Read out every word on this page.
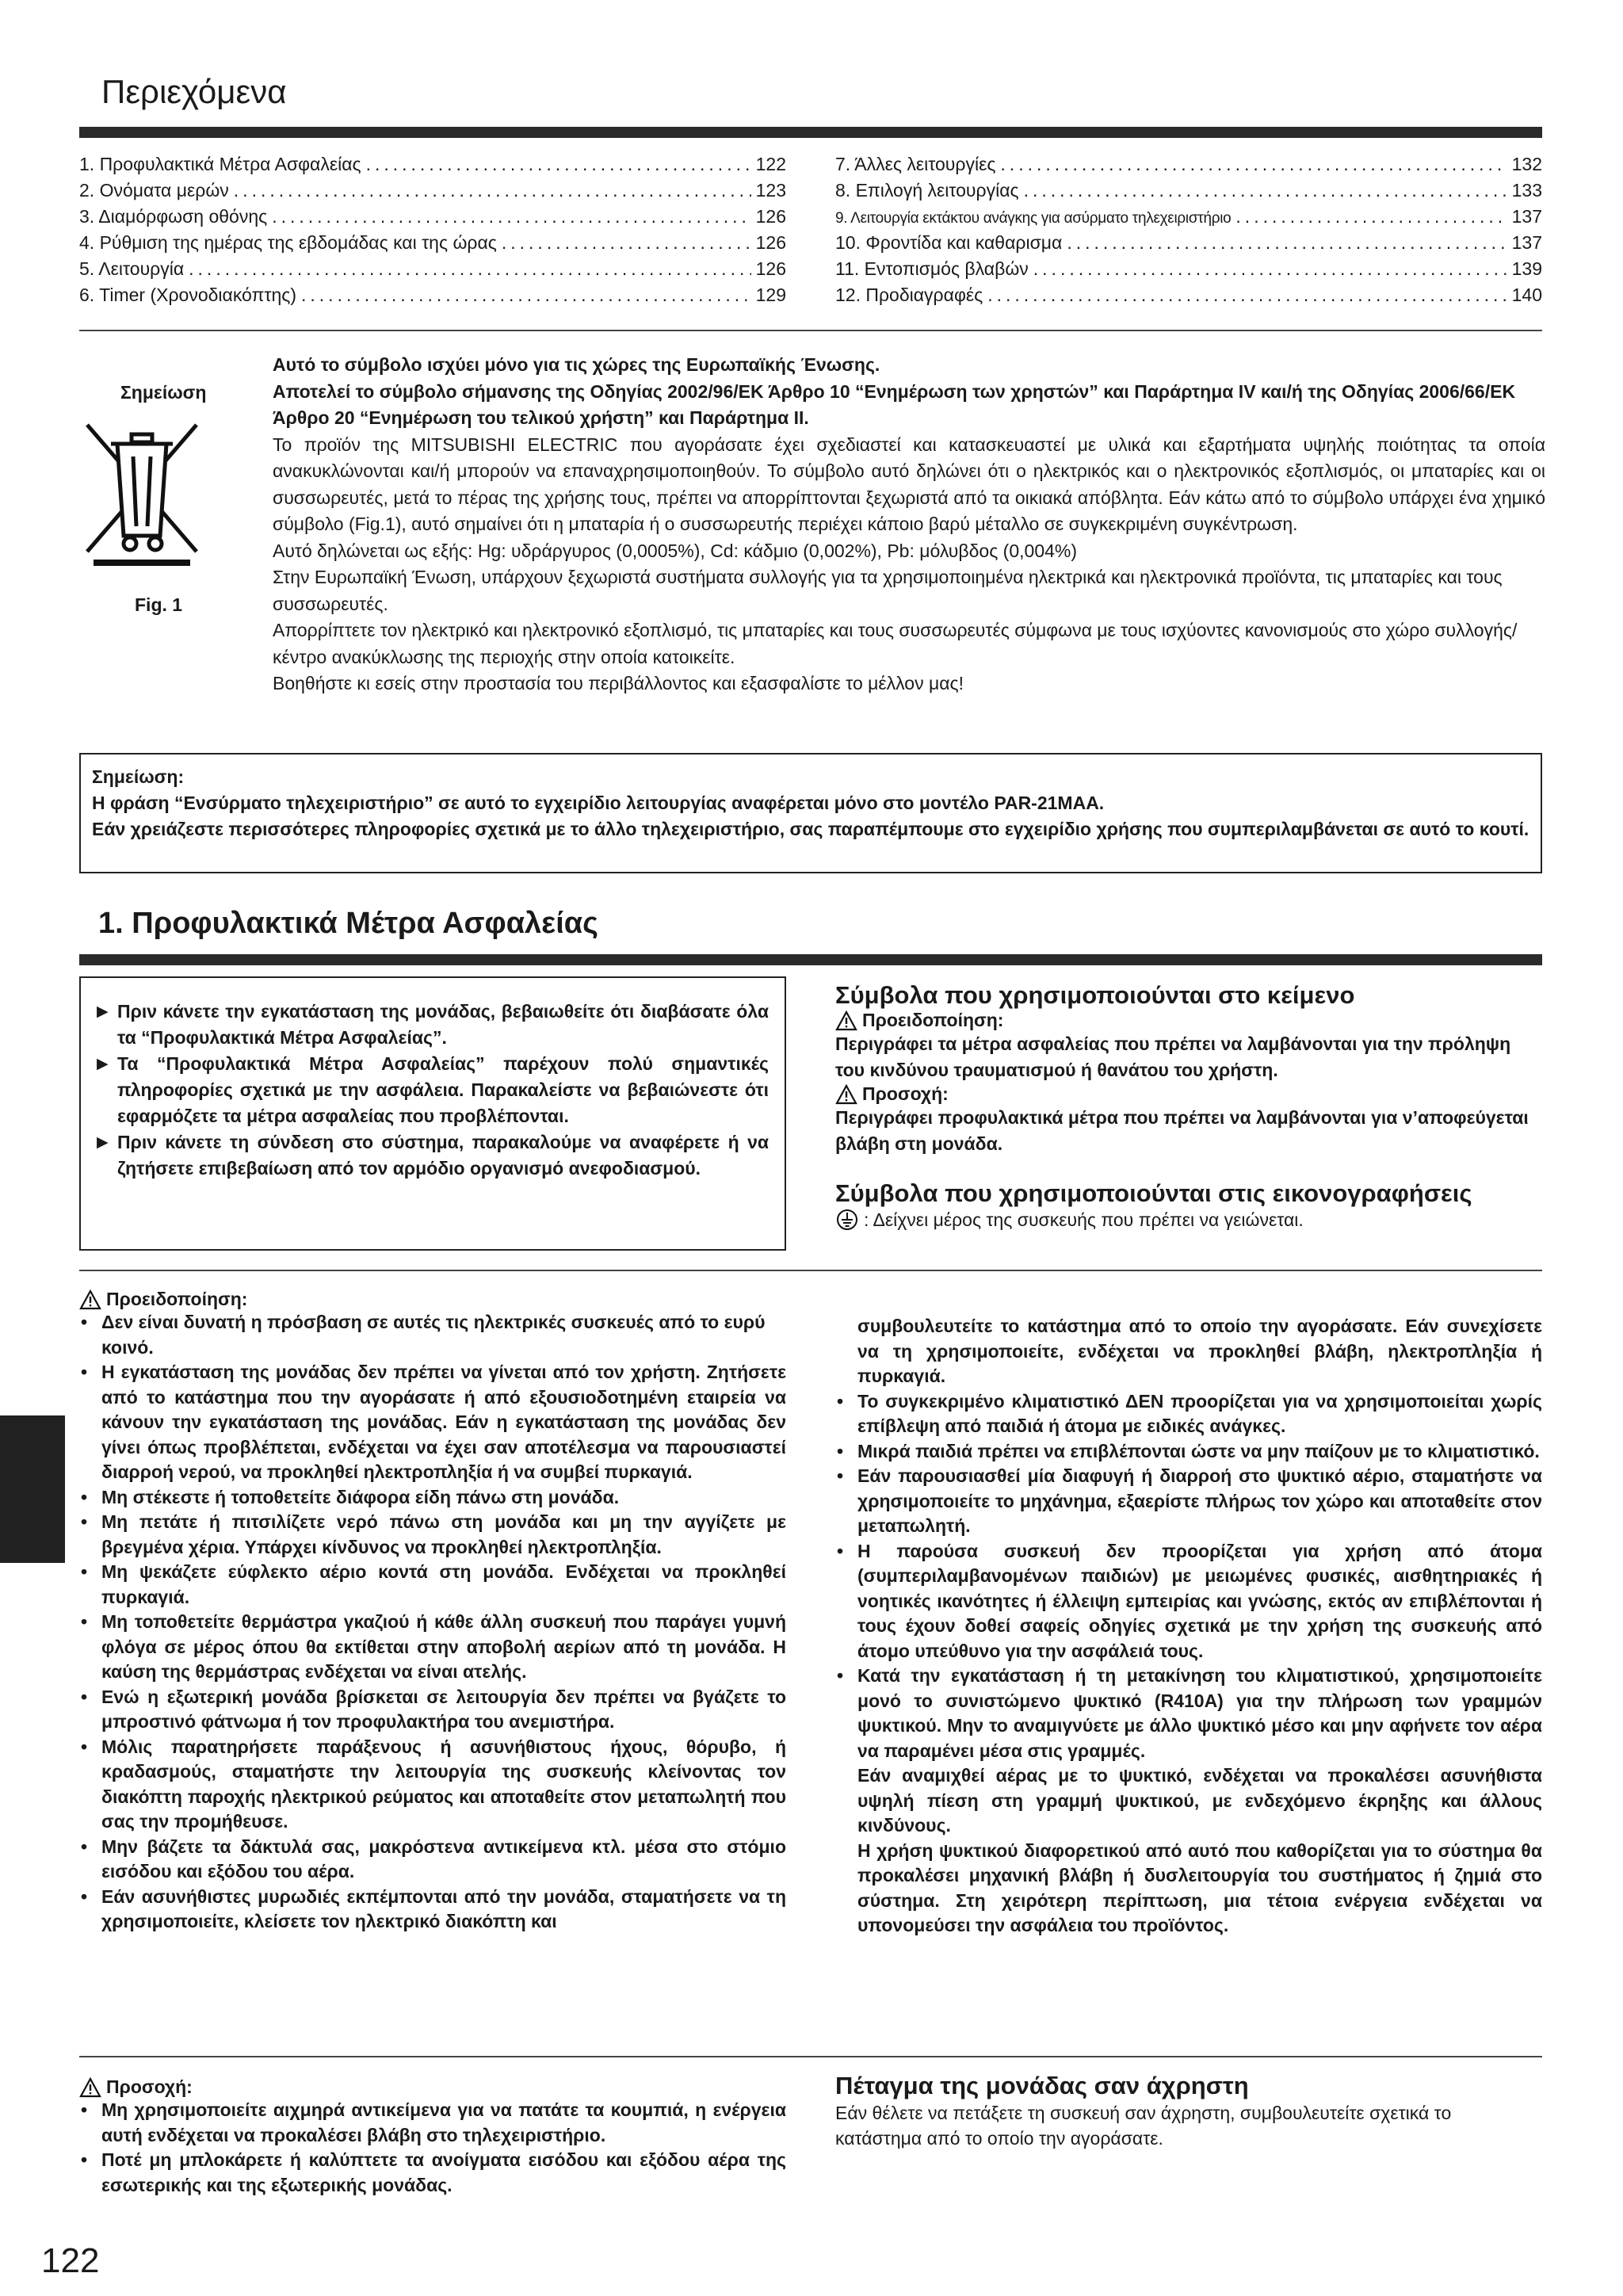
Περιεχόμενα
1. Προφυλακτικά Μέτρα Ασφαλείας .....	122
2. Ονόματα μερών .....	123
3. Διαμόρφωση οθόνης .....	126
4. Ρύθμιση της ημέρας της εβδομάδας και της ώρας .....	126
5. Λειτουργία .....	126
6. Timer (Χρονοδιακόπτης) .....	129
7. Άλλες λειτουργίες .....	132
8. Επιλογή λειτουργίας .....	133
9. Λειτουργία εκτάκτου ανάγκης για ασύρματο τηλεχειριστήριο .....	137
10. Φροντίδα και καθαρισμα .....	137
11. Εντοπισμός βλαβών .....	139
12. Προδιαγραφές .....	140
Σημείωση
Fig. 1

Αυτό το σύμβολο ισχύει μόνο για τις χώρες της Ευρωπαϊκής Ένωσης.

Αποτελεί το σύμβολο σήμανσης της Οδηγίας 2002/96/ΕΚ Άρθρο 10 “Ενημέρωση των χρηστών” και Παράρτημα IV και/ή της Οδηγίας 2006/66/ΕΚ Άρθρο 20 “Ενημέρωση του τελικού χρήστη” και Παράρτημα II.

Το προϊόν της MITSUBISHI ELECTRIC που αγοράσατε έχει σχεδιαστεί και κατασκευαστεί με υλικά και εξαρτήματα υψηλής ποιότητας τα οποία ανακυκλώνονται και/ή μπορούν να επαναχρησιμοποιηθούν. Το σύμβολο αυτό δηλώνει ότι ο ηλεκτρικός και ο ηλεκτρονικός εξοπλισμός, οι μπαταρίες και οι συσσωρευτές, μετά το πέρας της χρήσης τους, πρέπει να απορρίπτονται ξεχωριστά από τα οικιακά απόβλητα. Εάν κάτω από το σύμβολο υπάρχει ένα χημικό σύμβολο (Fig.1), αυτό σημαίνει ότι η μπαταρία ή ο συσσωρευτής περιέχει κάποιο βαρύ μέταλλο σε συγκεκριμένη συγκέντρωση.

Αυτό δηλώνεται ως εξής: Hg: υδράργυρος (0,0005%), Cd: κάδμιο (0,002%), Pb: μόλυβδος (0,004%)

Στην Ευρωπαϊκή Ένωση, υπάρχουν ξεχωριστά συστήματα συλλογής για τα χρησιμοποιημένα ηλεκτρικά και ηλεκτρονικά προϊόντα, τις μπαταρίες και τους συσσωρευτές.

Απορρίπτετε τον ηλεκτρικό και ηλεκτρονικό εξοπλισμό, τις μπαταρίες και τους συσσωρευτές σύμφωνα με τους ισχύοντες κανονισμούς στο χώρο συλλογής/κέντρο ανακύκλωσης της περιοχής στην οποία κατοικείτε.

Βοηθήστε κι εσείς στην προστασία του περιβάλλοντος και εξασφαλίστε το μέλλον μας!

Σημείωση:

Η φράση “Ενσύρματο τηλεχειριστήριο” σε αυτό το εγχειρίδιο λειτουργίας αναφέρεται μόνο στο μοντέλο PAR-21MAA.

Εάν χρειάζεστε περισσότερες πληροφορίες σχετικά με το άλλο τηλεχειριστήριο, σας παραπέμπουμε στο εγχειρίδιο χρήσης που συμπεριλαμβάνεται σε αυτό το κουτί.

1. Προφυλακτικά Μέτρα Ασφαλείας
▶ Πριν κάνετε την εγκατάσταση της μονάδας, βεβαιωθείτε ότι διαβάσατε όλα τα “Προφυλακτικά Μέτρα Ασφαλείας”.
▶ Τα “Προφυλακτικά Μέτρα Ασφαλείας” παρέχουν πολύ σημαντικές πληροφορίες σχετικά με την ασφάλεια. Παρακαλείστε να βεβαιώνεστε ότι εφαρμόζετε τα μέτρα ασφαλείας που προβλέπονται.
▶ Πριν κάνετε τη σύνδεση στο σύστημα, παρακαλούμε να αναφέρετε ή να ζητήσετε επιβεβαίωση από τον αρμόδιο οργανισμό ανεφοδιασμού.
Σύμβολα που χρησιμοποιούνται στο κείμενο
Προειδοποίηση:

Περιγράφει τα μέτρα ασφαλείας που πρέπει να λαμβάνονται για την πρόληψη του κινδύνου τραυματισμού ή θανάτου του χρήστη.

Προσοχή:

Περιγράφει προφυλακτικά μέτρα που πρέπει να λαμβάνονται για ν’αποφεύγεται βλάβη στη μονάδα.

Σύμβολα που χρησιμοποιούνται στις εικονογραφήσεις
: Δείχνει μέρος της συσκευής που πρέπει να γειώνεται.
Προειδοποίηση:
• Δεν είναι δυνατή η πρόσβαση σε αυτές τις ηλεκτρικές συσκευές από το ευρύ κοινό.
• Η εγκατάσταση της μονάδας δεν πρέπει να γίνεται από τον χρήστη. Ζητήσετε από το κατάστημα που την αγοράσατε ή από εξουσιοδοτημένη εταιρεία να κάνουν την εγκατάσταση της μονάδας. Εάν η εγκατάσταση της μονάδας δεν γίνει όπως προβλέπεται, ενδέχεται να έχει σαν αποτέλεσμα να παρουσιαστεί διαρροή νερού, να προκληθεί ηλεκτροπληξία ή να συμβεί πυρκαγιά.
• Μη στέκεστε ή τοποθετείτε διάφορα είδη πάνω στη μονάδα.
• Μη πετάτε ή πιτσιλίζετε νερό πάνω στη μονάδα και μη την αγγίζετε με βρεγμένα χέρια. Υπάρχει κίνδυνος να προκληθεί ηλεκτροπληξία.
• Μη ψεκάζετε εύφλεκτο αέριο κοντά στη μονάδα. Ενδέχεται να προκληθεί πυρκαγιά.
• Μη τοποθετείτε θερμάστρα γκαζιού ή κάθε άλλη συσκευή που παράγει γυμνή φλόγα σε μέρος όπου θα εκτίθεται στην αποβολή αερίων από τη μονάδα. Η καύση της θερμάστρας ενδέχεται να είναι ατελής.
• Ενώ η εξωτερική μονάδα βρίσκεται σε λειτουργία δεν πρέπει να βγάζετε το μπροστινό φάτνωμα ή τον προφυλακτήρα του ανεμιστήρα.
• Μόλις παρατηρήσετε παράξενους ή ασυνήθιστους ήχους, θόρυβο, ή κραδασμούς, σταματήστε την λειτουργία της συσκευής κλείνοντας τον διακόπτη παροχής ηλεκτρικού ρεύματος και αποταθείτε στον μεταπωλητή που σας την προμήθευσε.
• Μην βάζετε τα δάκτυλά σας, μακρόστενα αντικείμενα κτλ. μέσα στο στόμιο εισόδου και εξόδου του αέρα.
• Εάν ασυνήθιστες μυρωδιές εκπέμπονται από την μονάδα, σταματήσετε να τη χρησιμοποιείτε, κλείσετε τον ηλεκτρικό διακόπτη και

συμβουλευτείτε το κατάστημα από το οποίο την αγοράσατε. Εάν συνεχίσετε να τη χρησιμοποιείτε, ενδέχεται να προκληθεί βλάβη, ηλεκτροπληξία ή πυρκαγιά.

• Το συγκεκριμένο κλιματιστικό ΔΕΝ προορίζεται για να χρησιμοποιείται χωρίς επίβλεψη από παιδιά ή άτομα με ειδικές ανάγκες.
• Μικρά παιδιά πρέπει να επιβλέπονται ώστε να μην παίζουν με το κλιματιστικό.
• Εάν παρουσιασθεί μία διαφυγή ή διαρροή στο ψυκτικό αέριο, σταματήστε να χρησιμοποιείτε το μηχάνημα, εξαερίστε πλήρως τον χώρο και αποταθείτε στον μεταπωλητή.
• Η παρούσα συσκευή δεν προορίζεται για χρήση από άτομα (συμπεριλαμβανομένων παιδιών) με μειωμένες φυσικές, αισθητηριακές ή νοητικές ικανότητες ή έλλειψη εμπειρίας και γνώσης, εκτός αν επιβλέπονται ή τους έχουν δοθεί σαφείς οδηγίες σχετικά με την χρήση της συσκευής από άτομο υπεύθυνο για την ασφάλειά τους.
• Κατά την εγκατάσταση ή τη μετακίνηση του κλιματιστικού, χρησιμοποιείτε μονό το συνιστώμενο ψυκτικό (R410A) για την πλήρωση των γραμμών ψυκτικού. Μην το αναμιγνύετε με άλλο ψυκτικό μέσο και μην αφήνετε τον αέρα να παραμένει μέσα στις γραμμές.

Εάν αναμιχθεί αέρας με το ψυκτικό, ενδέχεται να προκαλέσει ασυνήθιστα υψηλή πίεση στη γραμμή ψυκτικού, με ενδεχόμενο έκρηξης και άλλους κινδύνους.

Η χρήση ψυκτικού διαφορετικού από αυτό που καθορίζεται για το σύστημα θα προκαλέσει μηχανική βλάβη ή δυσλειτουργία του συστήματος ή ζημιά στο σύστημα. Στη χειρότερη περίπτωση, μια τέτοια ενέργεια ενδέχεται να υπονομεύσει την ασφάλεια του προϊόντος.

Προσοχή:
• Μη χρησιμοποιείτε αιχμηρά αντικείμενα για να πατάτε τα κουμπιά, η ενέργεια αυτή ενδέχεται να προκαλέσει βλάβη στο τηλεχειριστήριο.
• Ποτέ μη μπλοκάρετε ή καλύπτετε τα ανοίγματα εισόδου και εξόδου αέρα της εσωτερικής και της εξωτερικής μονάδας.
Πέταγμα της μονάδας σαν άχρηστη

Εάν θέλετε να πετάξετε τη συσκευή σαν άχρηστη, συμβουλευτείτε σχετικά το κατάστημα από το οποίο την αγοράσατε.

122
